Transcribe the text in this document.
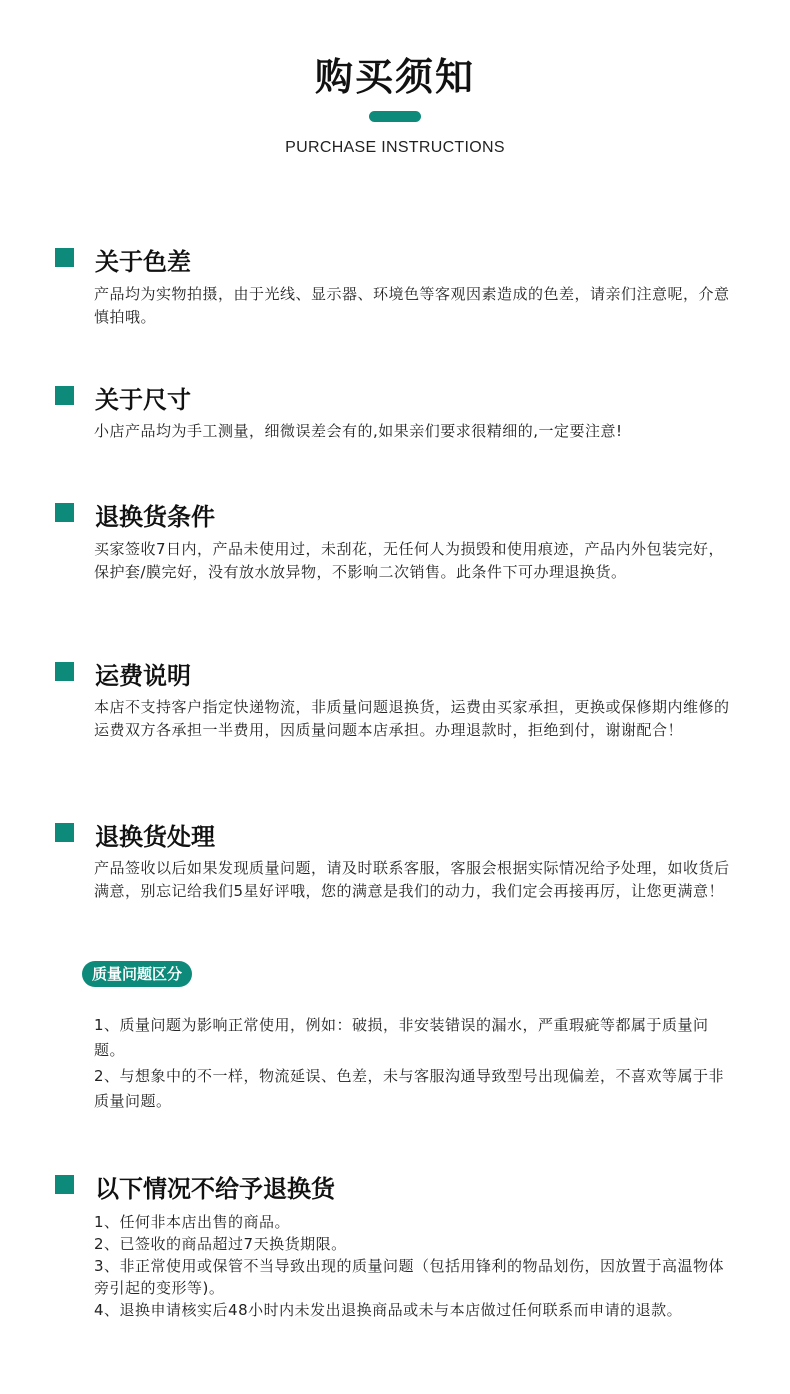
购买须知
PURCHASE INSTRUCTIONS
关于色差
产品均为实物拍摄，由于光线、显示器、环境色等客观因素造成的色差，请亲们注意呢，介意慎拍哦。
关于尺寸
小店产品均为手工测量，细微误差会有的,如果亲们要求很精细的,一定要注意!
退换货条件
买家签收7日内，产品未使用过，未刮花，无任何人为损毁和使用痕迹，产品内外包装完好，保护套/膜完好，没有放水放异物，不影响二次销售。此条件下可办理退换货。
运费说明
本店不支持客户指定快递物流，非质量问题退换货，运费由买家承担，更换或保修期内维修的运费双方各承担一半费用，因质量问题本店承担。办理退款时，拒绝到付，谢谢配合！
退换货处理
产品签收以后如果发现质量问题，请及时联系客服，客服会根据实际情况给予处理，如收货后满意，别忘记给我们5星好评哦，您的满意是我们的动力，我们定会再接再厉，让您更满意！
质量问题区分

1、质量问题为影响正常使用，例如：破损，非安装错误的漏水，严重瑕疵等都属于质量问题。

2、与想象中的不一样，物流延误、色差，未与客服沟通导致型号出现偏差，不喜欢等属于非质量问题。

以下情况不给予退换货

1、任何非本店出售的商品。

2、已签收的商品超过7天换货期限。

3、非正常使用或保管不当导致出现的质量问题（包括用锋利的物品划伤，因放置于高温物体旁引起的变形等)。

4、退换申请核实后48小时内未发出退换商品或未与本店做过任何联系而申请的退款。
